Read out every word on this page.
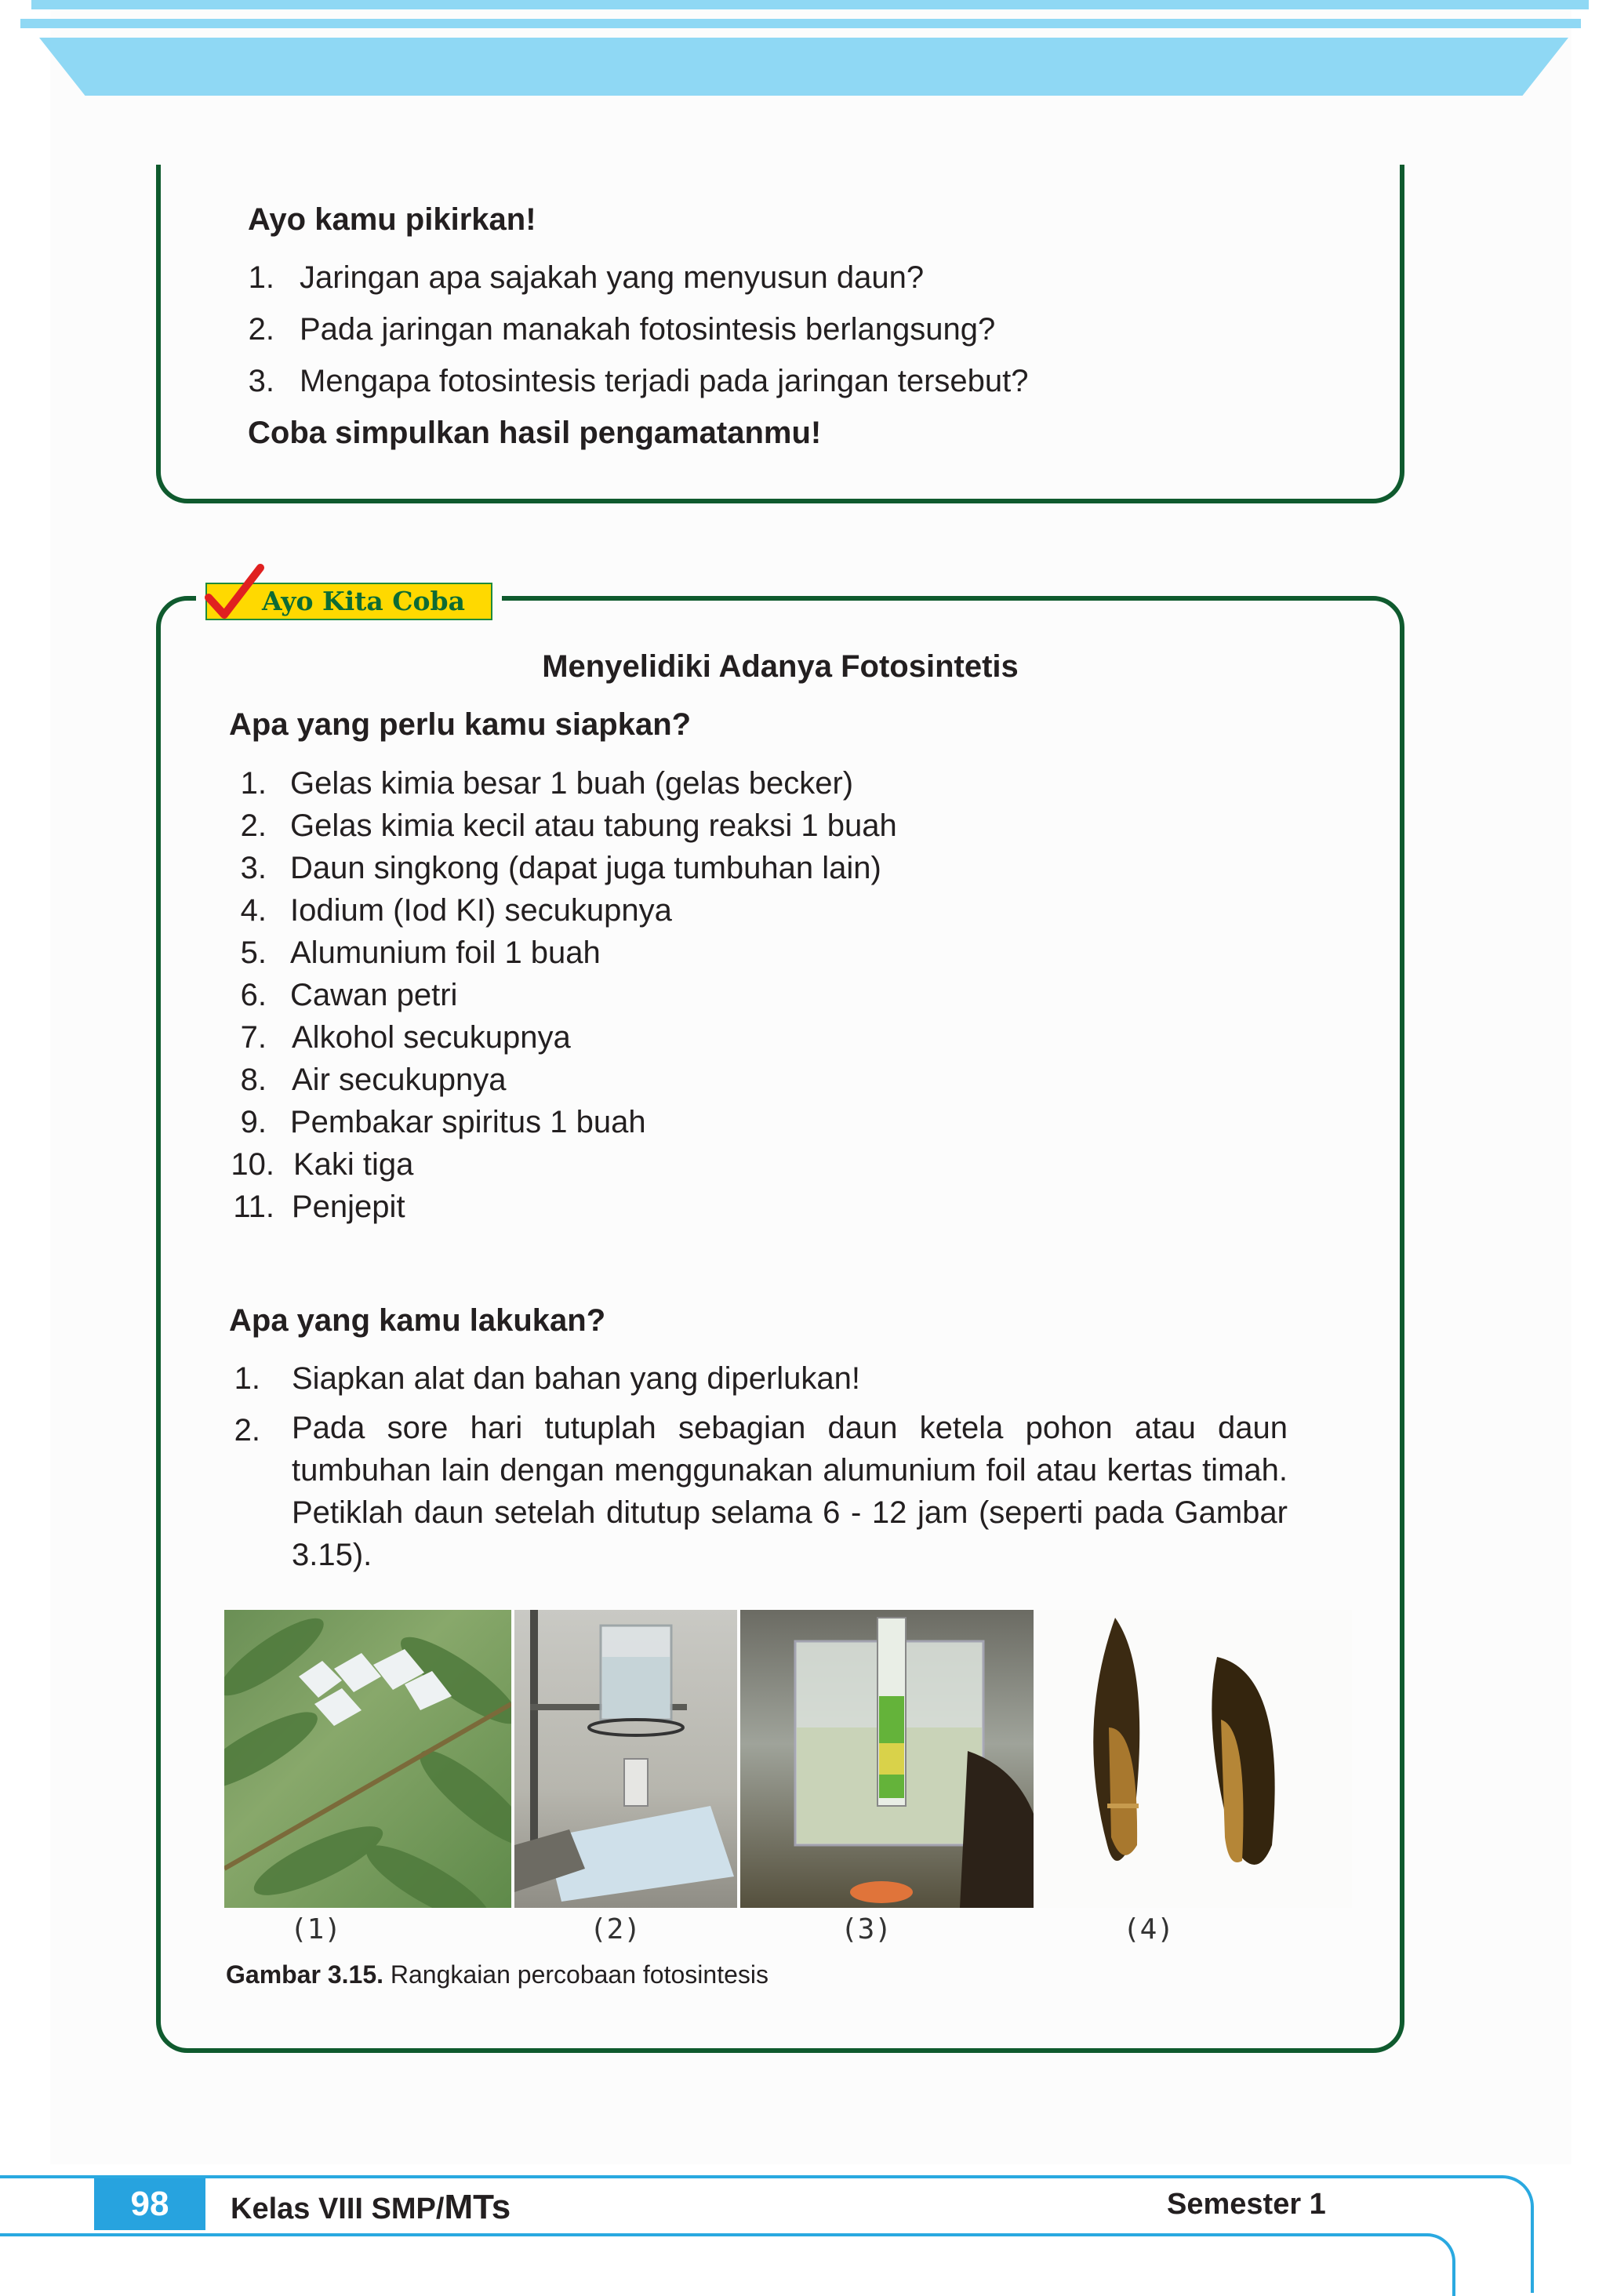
Ayo kamu pikirkan!
1. Jaringan apa sajakah yang menyusun daun?
2. Pada jaringan manakah fotosintesis berlangsung?
3. Mengapa fotosintesis terjadi pada jaringan tersebut?
Coba simpulkan hasil pengamatanmu!
Ayo Kita Coba
Menyelidiki Adanya Fotosintetis
Apa yang perlu kamu siapkan?
1. Gelas kimia besar 1 buah (gelas becker)
2. Gelas kimia kecil atau tabung reaksi 1 buah
3. Daun singkong (dapat juga tumbuhan lain)
4. Iodium (Iod KI) secukupnya
5. Alumunium foil 1 buah
6. Cawan petri
7. Alkohol secukupnya
8. Air secukupnya
9. Pembakar spiritus 1 buah
10. Kaki tiga
11. Penjepit
Apa yang kamu lakukan?
1. Siapkan alat dan bahan yang diperlukan!
2. Pada sore hari tutuplah sebagian daun ketela pohon atau daun tumbuhan lain dengan menggunakan alumunium foil atau kertas timah. Petiklah daun setelah ditutup selama 6 - 12 jam (seperti pada Gambar 3.15).
(1)	(2)	(3)	(4)
Gambar 3.15. Rangkaian percobaan fotosintesis
98	Kelas VIII SMP/MTs	Semester 1
